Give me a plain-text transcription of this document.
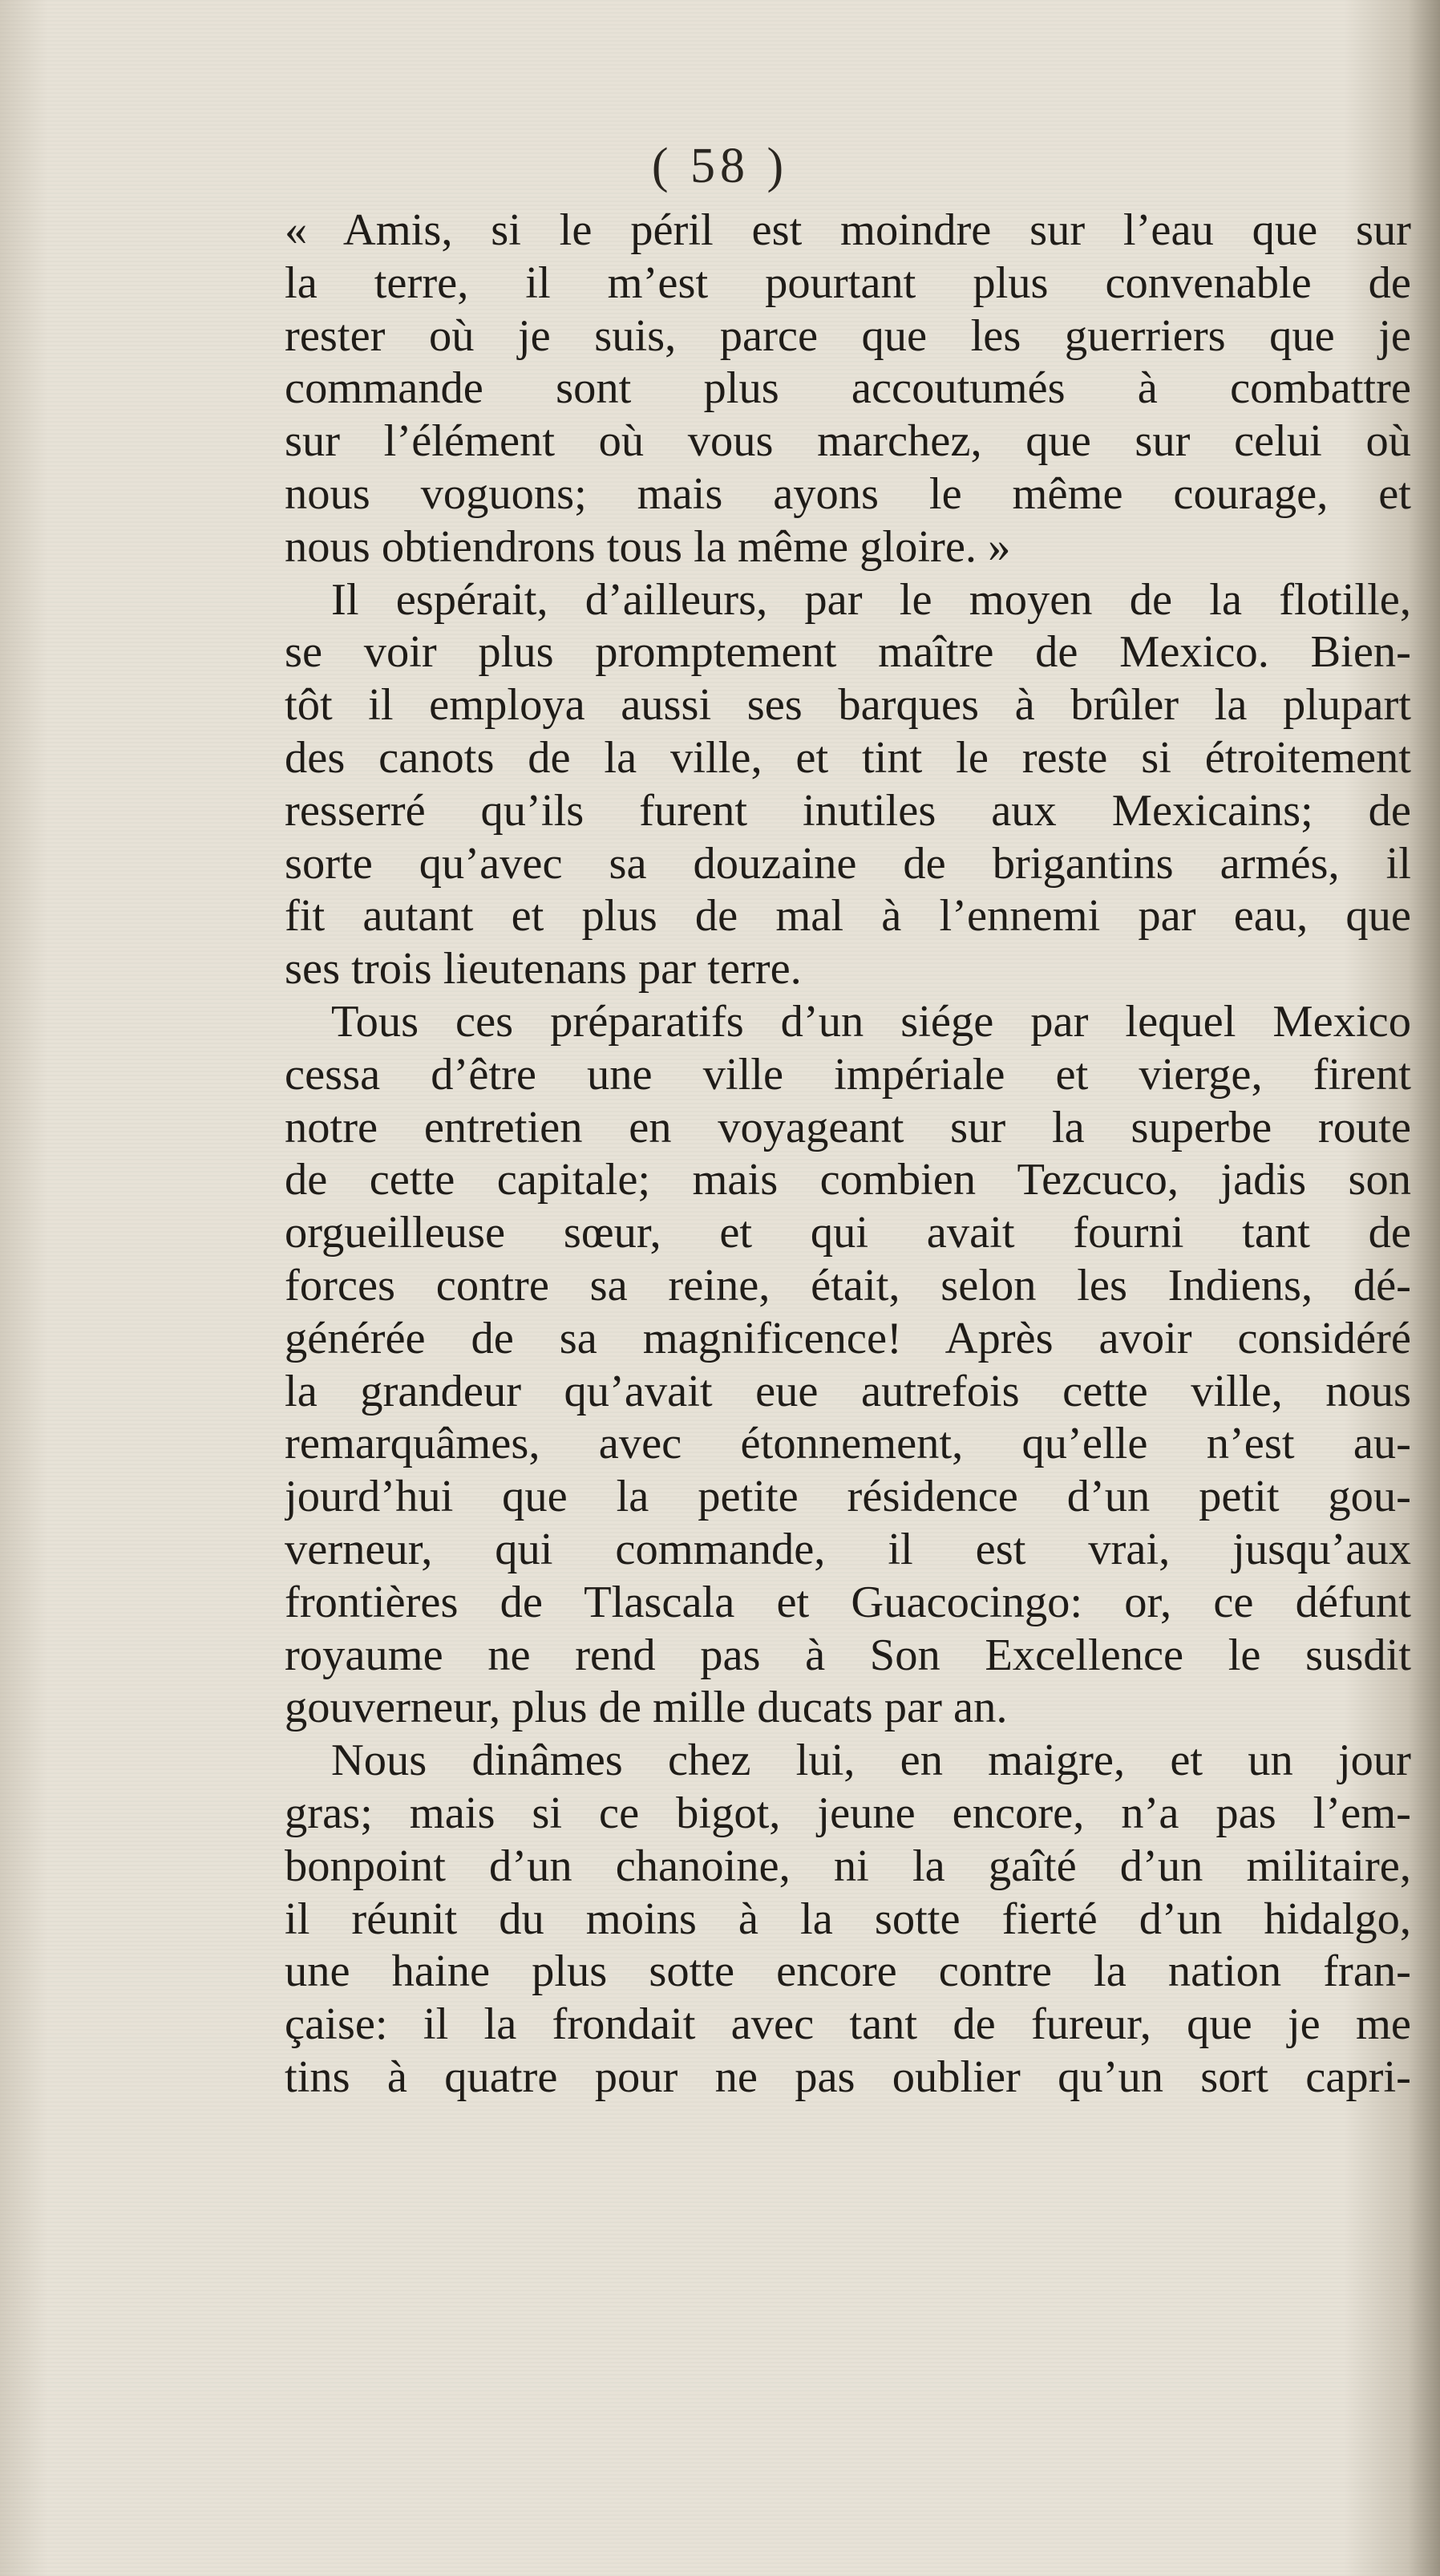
( 58 )
« Amis, si le péril est moindre sur l’eau que sur
la terre, il m’est pourtant plus convenable de
rester où je suis, parce que les guerriers que je
commande sont plus accoutumés à combattre
sur l’élément où vous marchez, que sur celui où
nous voguons; mais ayons le même courage, et
nous obtiendrons tous la même gloire. »
Il espérait, d’ailleurs, par le moyen de la flotille,
se voir plus promptement maître de Mexico. Bien-
tôt il employa aussi ses barques à brûler la plupart
des canots de la ville, et tint le reste si étroitement
resserré qu’ils furent inutiles aux Mexicains; de
sorte qu’avec sa douzaine de brigantins armés, il
fit autant et plus de mal à l’ennemi par eau, que
ses trois lieutenans par terre.
Tous ces préparatifs d’un siége par lequel Mexico
cessa d’être une ville impériale et vierge, firent
notre entretien en voyageant sur la superbe route
de cette capitale; mais combien Tezcuco, jadis son
orgueilleuse sœur, et qui avait fourni tant de
forces contre sa reine, était, selon les Indiens, dé-
générée de sa magnificence! Après avoir considéré
la grandeur qu’avait eue autrefois cette ville, nous
remarquâmes, avec étonnement, qu’elle n’est au-
jourd’hui que la petite résidence d’un petit gou-
verneur, qui commande, il est vrai, jusqu’aux
frontières de Tlascala et Guacocingo: or, ce défunt
royaume ne rend pas à Son Excellence le susdit
gouverneur, plus de mille ducats par an.
Nous dinâmes chez lui, en maigre, et un jour
gras; mais si ce bigot, jeune encore, n’a pas l’em-
bonpoint d’un chanoine, ni la gaîté d’un militaire,
il réunit du moins à la sotte fierté d’un hidalgo,
une haine plus sotte encore contre la nation fran-
çaise: il la frondait avec tant de fureur, que je me
tins à quatre pour ne pas oublier qu’un sort capri-
